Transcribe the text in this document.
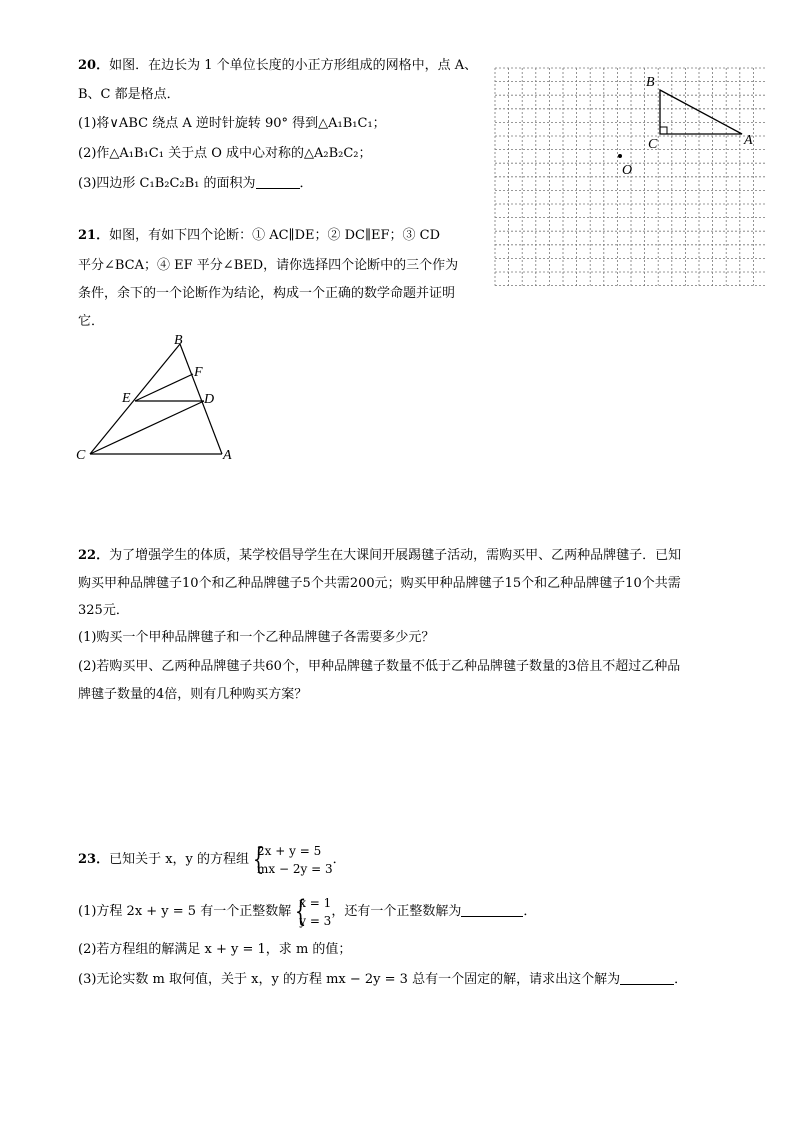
20．如图．在边长为 1 个单位长度的小正方形组成的网格中，点 A、
B、C 都是格点．
(1)将∨ABC 绕点 A 逆时针旋转 90° 得到△A₁B₁C₁；
(2)作△A₁B₁C₁ 关于点 O 成中心对称的△A₂B₂C₂；
(3)四边形 C₁B₂C₂B₁ 的面积为	．
B
C	A
O
21．如图，有如下四个论断：① AC∥DE；② DC∥EF；③ CD
平分∠BCA；④ EF 平分∠BED，请你选择四个论断中的三个作为
条件，余下的一个论断作为结论，构成一个正确的数学命题并证明
它．
B
F
E	D
C	A
22．为了增强学生的体质，某学校倡导学生在大课间开展踢毽子活动，需购买甲、乙两种品牌毽子．已知
购买甲种品牌毽子10个和乙种品牌毽子5个共需200元；购买甲种品牌毽子15个和乙种品牌毽子10个共需
325元．
(1)购买一个甲种品牌毽子和一个乙种品牌毽子各需要多少元？
(2)若购买甲、乙两种品牌毽子共60个，甲种品牌毽子数量不低于乙种品牌毽子数量的3倍且不超过乙种品
牌毽子数量的4倍，则有几种购买方案？
23．已知关于 x，y 的方程组 {
2x + y = 5
mx − 2y = 3
．
(1)方程 2x + y = 5 有一个正整数解 {
x = 1
y = 3
，还有一个正整数解为	．
(2)若方程组的解满足 x + y = 1，求 m 的值；
(3)无论实数 m 取何值，关于 x，y 的方程 mx − 2y = 3 总有一个固定的解，请求出这个解为	．
